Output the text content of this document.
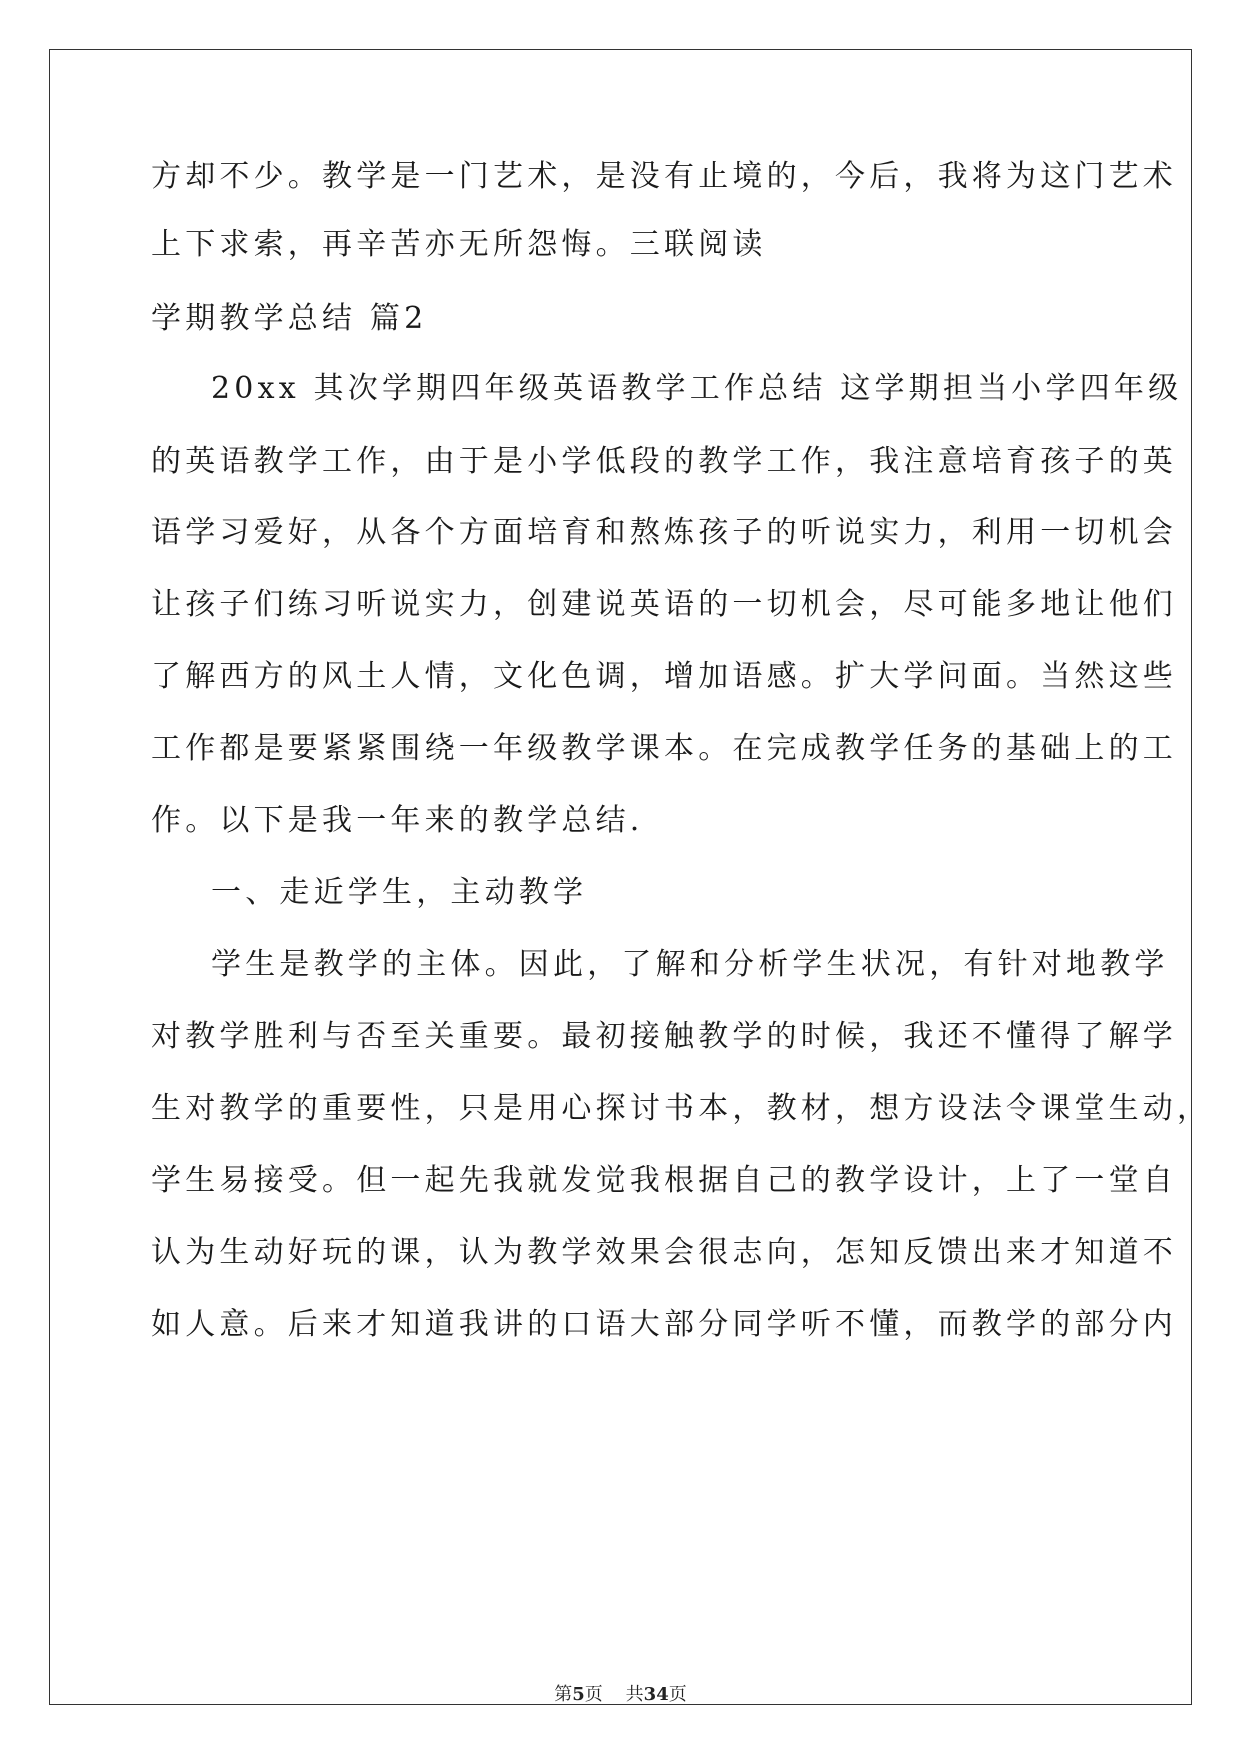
方却不少。教学是一门艺术，是没有止境的，今后，我将为这门艺术

上下求索，再辛苦亦无所怨悔。三联阅读

学期教学总结 篇2

20xx 其次学期四年级英语教学工作总结 这学期担当小学四年级

的英语教学工作，由于是小学低段的教学工作，我注意培育孩子的英

语学习爱好，从各个方面培育和熬炼孩子的听说实力，利用一切机会

让孩子们练习听说实力，创建说英语的一切机会，尽可能多地让他们

了解西方的风土人情，文化色调，增加语感。扩大学问面。当然这些

工作都是要紧紧围绕一年级教学课本。在完成教学任务的基础上的工

作。以下是我一年来的教学总结.

一、走近学生，主动教学

学生是教学的主体。因此，了解和分析学生状况，有针对地教学

对教学胜利与否至关重要。最初接触教学的时候，我还不懂得了解学

生对教学的重要性，只是用心探讨书本，教材，想方设法令课堂生动，

学生易接受。但一起先我就发觉我根据自己的教学设计，上了一堂自

认为生动好玩的课，认为教学效果会很志向，怎知反馈出来才知道不

如人意。后来才知道我讲的口语大部分同学听不懂，而教学的部分内

第5页 共34页
